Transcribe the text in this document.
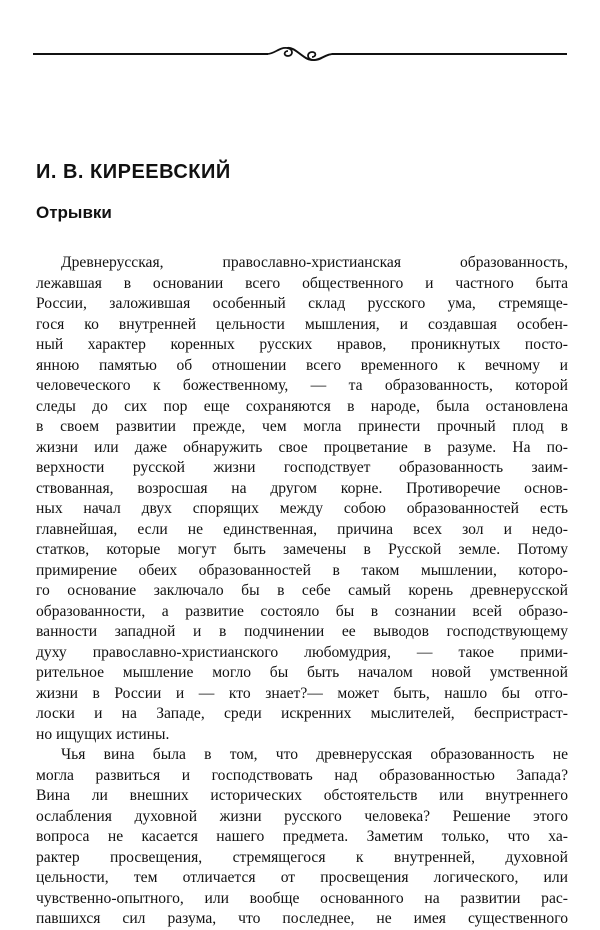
И. В. КИРЕЕВСКИЙ
Отрывки
Древнерусская, православно-христианская образованность,
лежавшая в основании всего общественного и частного быта
России, заложившая особенный склад русского ума, стремяще-
гося ко внутренней цельности мышления, и создавшая особен-
ный характер коренных русских нравов, проникнутых посто-
янною памятью об отношении всего временного к вечному и
человеческого к божественному, — та образованность, которой
следы до сих пор еще сохраняются в народе, была остановлена
в своем развитии прежде, чем могла принести прочный плод в
жизни или даже обнаружить свое процветание в разуме. На по-
верхности русской жизни господствует образованность заим-
ствованная, возросшая на другом корне. Противоречие основ-
ных начал двух спорящих между собою образованностей есть
главнейшая, если не единственная, причина всех зол и недо-
статков, которые могут быть замечены в Русской земле. Потому
примирение обеих образованностей в таком мышлении, которо-
го основание заключало бы в себе самый корень древнерусской
образованности, а развитие состояло бы в сознании всей образо-
ванности западной и в подчинении ее выводов господствующему
духу православно-христианского любомудрия, — такое прими-
рительное мышление могло бы быть началом новой умственной
жизни в России и — кто знает?— может быть, нашло бы отго-
лоски и на Западе, среди искренних мыслителей, беспристраст-
но ищущих истины.
Чья вина была в том, что древнерусская образованность не
могла развиться и господствовать над образованностью Запада?
Вина ли внешних исторических обстоятельств или внутреннего
ослабления духовной жизни русского человека? Решение этого
вопроса не касается нашего предмета. Заметим только, что ха-
рактер просвещения, стремящегося к внутренней, духовной
цельности, тем отличается от просвещения логического, или
чувственно-опытного, или вообще основанного на развитии рас-
павшихся сил разума, что последнее, не имея существенного
